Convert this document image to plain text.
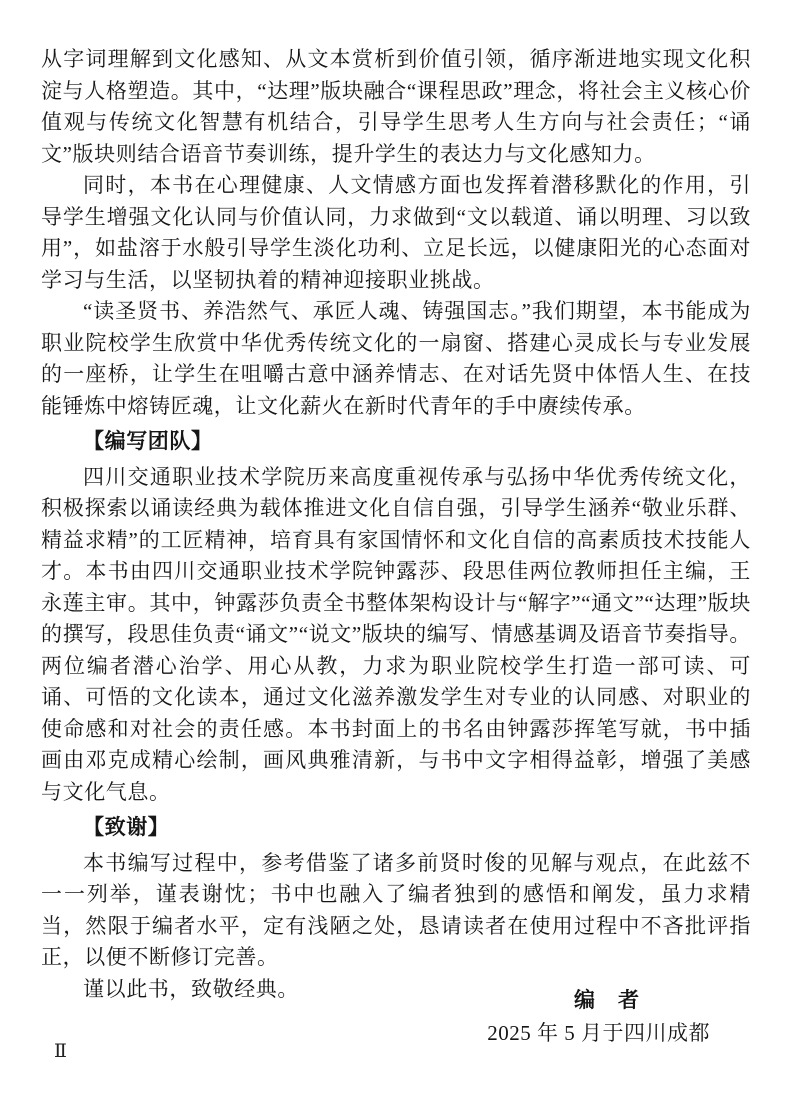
从字词理解到文化感知、从文本赏析到价值引领，循序渐进地实现文化积淀与人格塑造。其中，“达理”版块融合“课程思政”理念，将社会主义核心价值观与传统文化智慧有机结合，引导学生思考人生方向与社会责任；“诵文”版块则结合语音节奏训练，提升学生的表达力与文化感知力。

同时，本书在心理健康、人文情感方面也发挥着潜移默化的作用，引导学生增强文化认同与价值认同，力求做到“文以载道、诵以明理、习以致用”，如盐溶于水般引导学生淡化功利、立足长远，以健康阳光的心态面对学习与生活，以坚韧执着的精神迎接职业挑战。

“读圣贤书、养浩然气、承匠人魂、铸强国志。”我们期望，本书能成为职业院校学生欣赏中华优秀传统文化的一扇窗、搭建心灵成长与专业发展的一座桥，让学生在咀嚼古意中涵养情志、在对话先贤中体悟人生、在技能锤炼中熔铸匠魂，让文化薪火在新时代青年的手中赓续传承。

【编写团队】

四川交通职业技术学院历来高度重视传承与弘扬中华优秀传统文化，积极探索以诵读经典为载体推进文化自信自强，引导学生涵养“敬业乐群、精益求精”的工匠精神，培育具有家国情怀和文化自信的高素质技术技能人才。本书由四川交通职业技术学院钟露莎、段思佳两位教师担任主编，王永莲主审。其中，钟露莎负责全书整体架构设计与“解字”“通文”“达理”版块的撰写，段思佳负责“诵文”“说文”版块的编写、情感基调及语音节奏指导。两位编者潜心治学、用心从教，力求为职业院校学生打造一部可读、可诵、可悟的文化读本，通过文化滋养激发学生对专业的认同感、对职业的使命感和对社会的责任感。本书封面上的书名由钟露莎挥笔写就，书中插画由邓克成精心绘制，画风典雅清新，与书中文字相得益彰，增强了美感与文化气息。

【致谢】

本书编写过程中，参考借鉴了诸多前贤时俊的见解与观点，在此兹不一一列举，谨表谢忱；书中也融入了编者独到的感悟和阐发，虽力求精当，然限于编者水平，定有浅陋之处，恳请读者在使用过程中不吝批评指正，以便不断修订完善。

谨以此书，致敬经典。	编　者
2025 年 5 月于四川成都
Ⅱ
